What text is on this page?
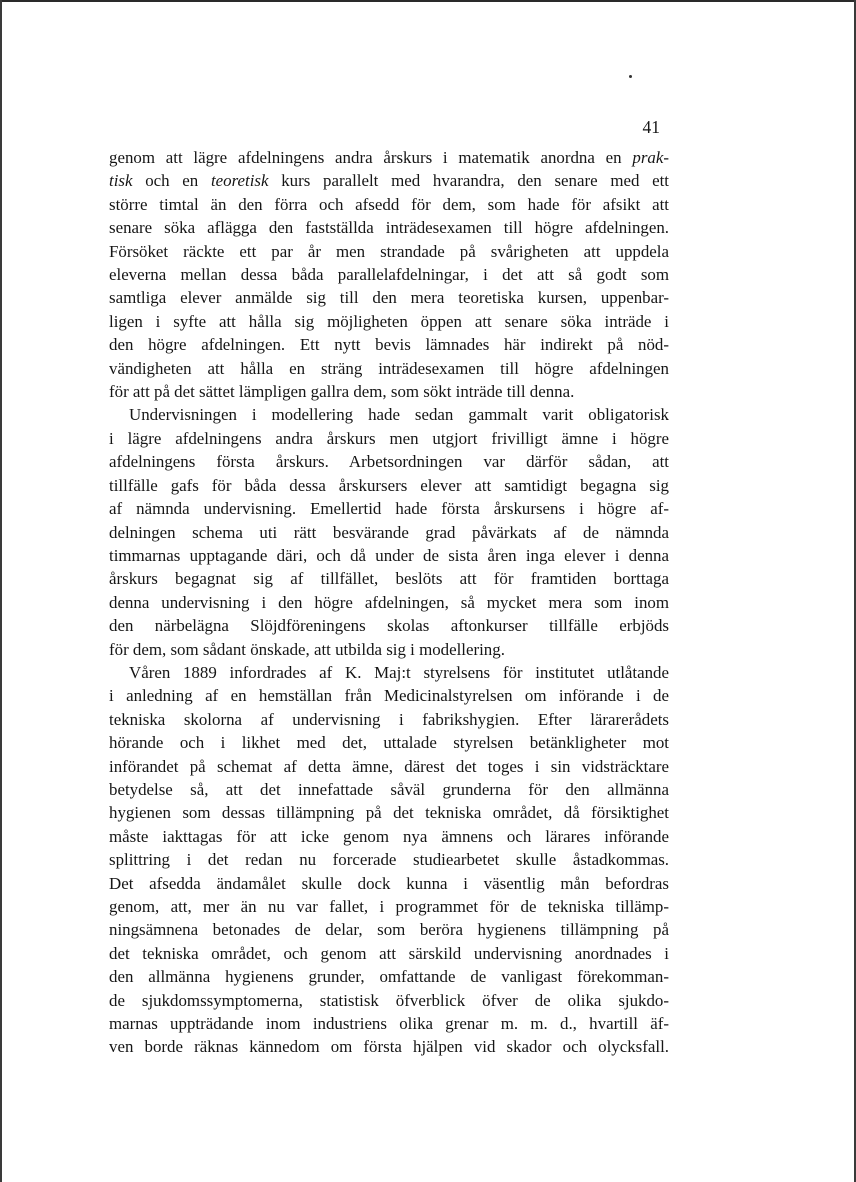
41
genom att lägre afdelningens andra årskurs i matematik anordna en prak-
tisk och en teoretisk kurs parallelt med hvarandra, den senare med ett
större timtal än den förra och afsedd för dem, som hade för afsikt att
senare söka aflägga den fastställda inträdesexamen till högre afdelningen.
Försöket räckte ett par år men strandade på svårigheten att uppdela
eleverna mellan dessa båda parallelafdelningar, i det att så godt som
samtliga elever anmälde sig till den mera teoretiska kursen, uppenbar-
ligen i syfte att hålla sig möjligheten öppen att senare söka inträde i
den högre afdelningen. Ett nytt bevis lämnades här indirekt på nöd-
vändigheten att hålla en sträng inträdesexamen till högre afdelningen
för att på det sättet lämpligen gallra dem, som sökt inträde till denna.
Undervisningen i modellering hade sedan gammalt varit obligatorisk
i lägre afdelningens andra årskurs men utgjort frivilligt ämne i högre
afdelningens första årskurs. Arbetsordningen var därför sådan, att
tillfälle gafs för båda dessa årskursers elever att samtidigt begagna sig
af nämnda undervisning. Emellertid hade första årskursens i högre af-
delningen schema uti rätt besvärande grad påvärkats af de nämnda
timmarnas upptagande däri, och då under de sista åren inga elever i denna
årskurs begagnat sig af tillfället, beslöts att för framtiden borttaga
denna undervisning i den högre afdelningen, så mycket mera som inom
den närbelägna Slöjdföreningens skolas aftonkurser tillfälle erbjöds
för dem, som sådant önskade, att utbilda sig i modellering.
Våren 1889 infordrades af K. Maj:t styrelsens för institutet utlåtande
i anledning af en hemställan från Medicinalstyrelsen om införande i de
tekniska skolorna af undervisning i fabrikshygien. Efter lärarerådets
hörande och i likhet med det, uttalade styrelsen betänkligheter mot
införandet på schemat af detta ämne, därest det toges i sin vidsträcktare
betydelse så, att det innefattade såväl grunderna för den allmänna
hygienen som dessas tillämpning på det tekniska området, då försiktighet
måste iakttagas för att icke genom nya ämnens och lärares införande
splittring i det redan nu forcerade studiearbetet skulle åstadkommas.
Det afsedda ändamålet skulle dock kunna i väsentlig mån befordras
genom, att, mer än nu var fallet, i programmet för de tekniska tillämp-
ningsämnena betonades de delar, som beröra hygienens tillämpning på
det tekniska området, och genom att särskild undervisning anordnades i
den allmänna hygienens grunder, omfattande de vanligast förekomman-
de sjukdomssymptomerna, statistisk öfverblick öfver de olika sjukdo-
marnas uppträdande inom industriens olika grenar m. m. d., hvartill äf-
ven borde räknas kännedom om första hjälpen vid skador och olycksfall.
